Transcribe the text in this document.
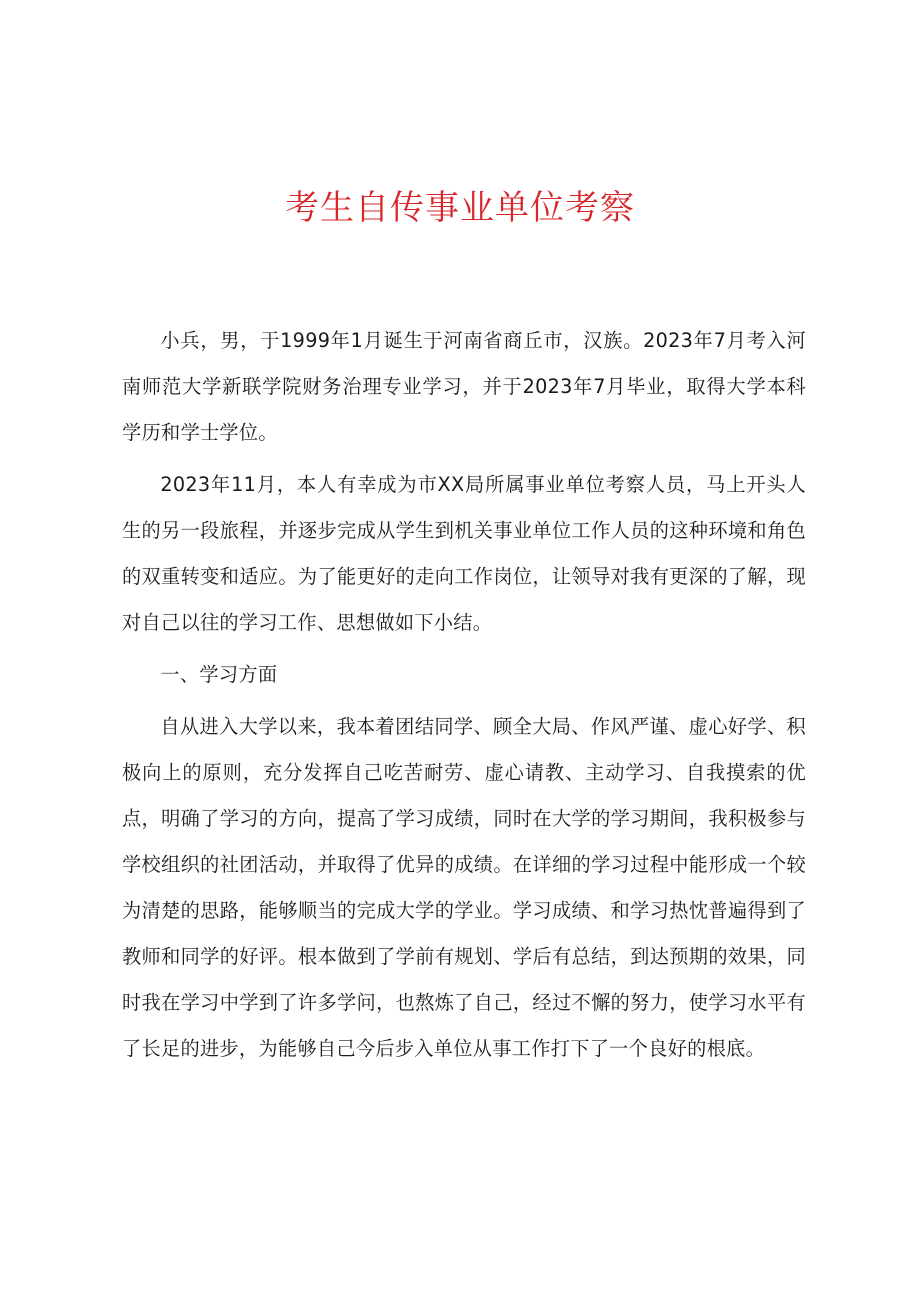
考生自传事业单位考察

小兵，男，于1999年1月诞生于河南省商丘市，汉族。2023年7月考入河南师范大学新联学院财务治理专业学习，并于2023年7月毕业，取得大学本科学历和学士学位。

2023年11月，本人有幸成为市XX局所属事业单位考察人员，马上开头人生的另一段旅程，并逐步完成从学生到机关事业单位工作人员的这种环境和角色的双重转变和适应。为了能更好的走向工作岗位，让领导对我有更深的了解，现对自己以往的学习工作、思想做如下小结。

一、学习方面

自从进入大学以来，我本着团结同学、顾全大局、作风严谨、虚心好学、积极向上的原则，充分发挥自己吃苦耐劳、虚心请教、主动学习、自我摸索的优点，明确了学习的方向，提高了学习成绩，同时在大学的学习期间，我积极参与学校组织的社团活动，并取得了优异的成绩。在详细的学习过程中能形成一个较为清楚的思路，能够顺当的完成大学的学业。学习成绩、和学习热忱普遍得到了教师和同学的好评。根本做到了学前有规划、学后有总结，到达预期的效果，同时我在学习中学到了许多学问，也熬炼了自己，经过不懈的努力，使学习水平有了长足的进步，为能够自己今后步入单位从事工作打下了一个良好的根底。
